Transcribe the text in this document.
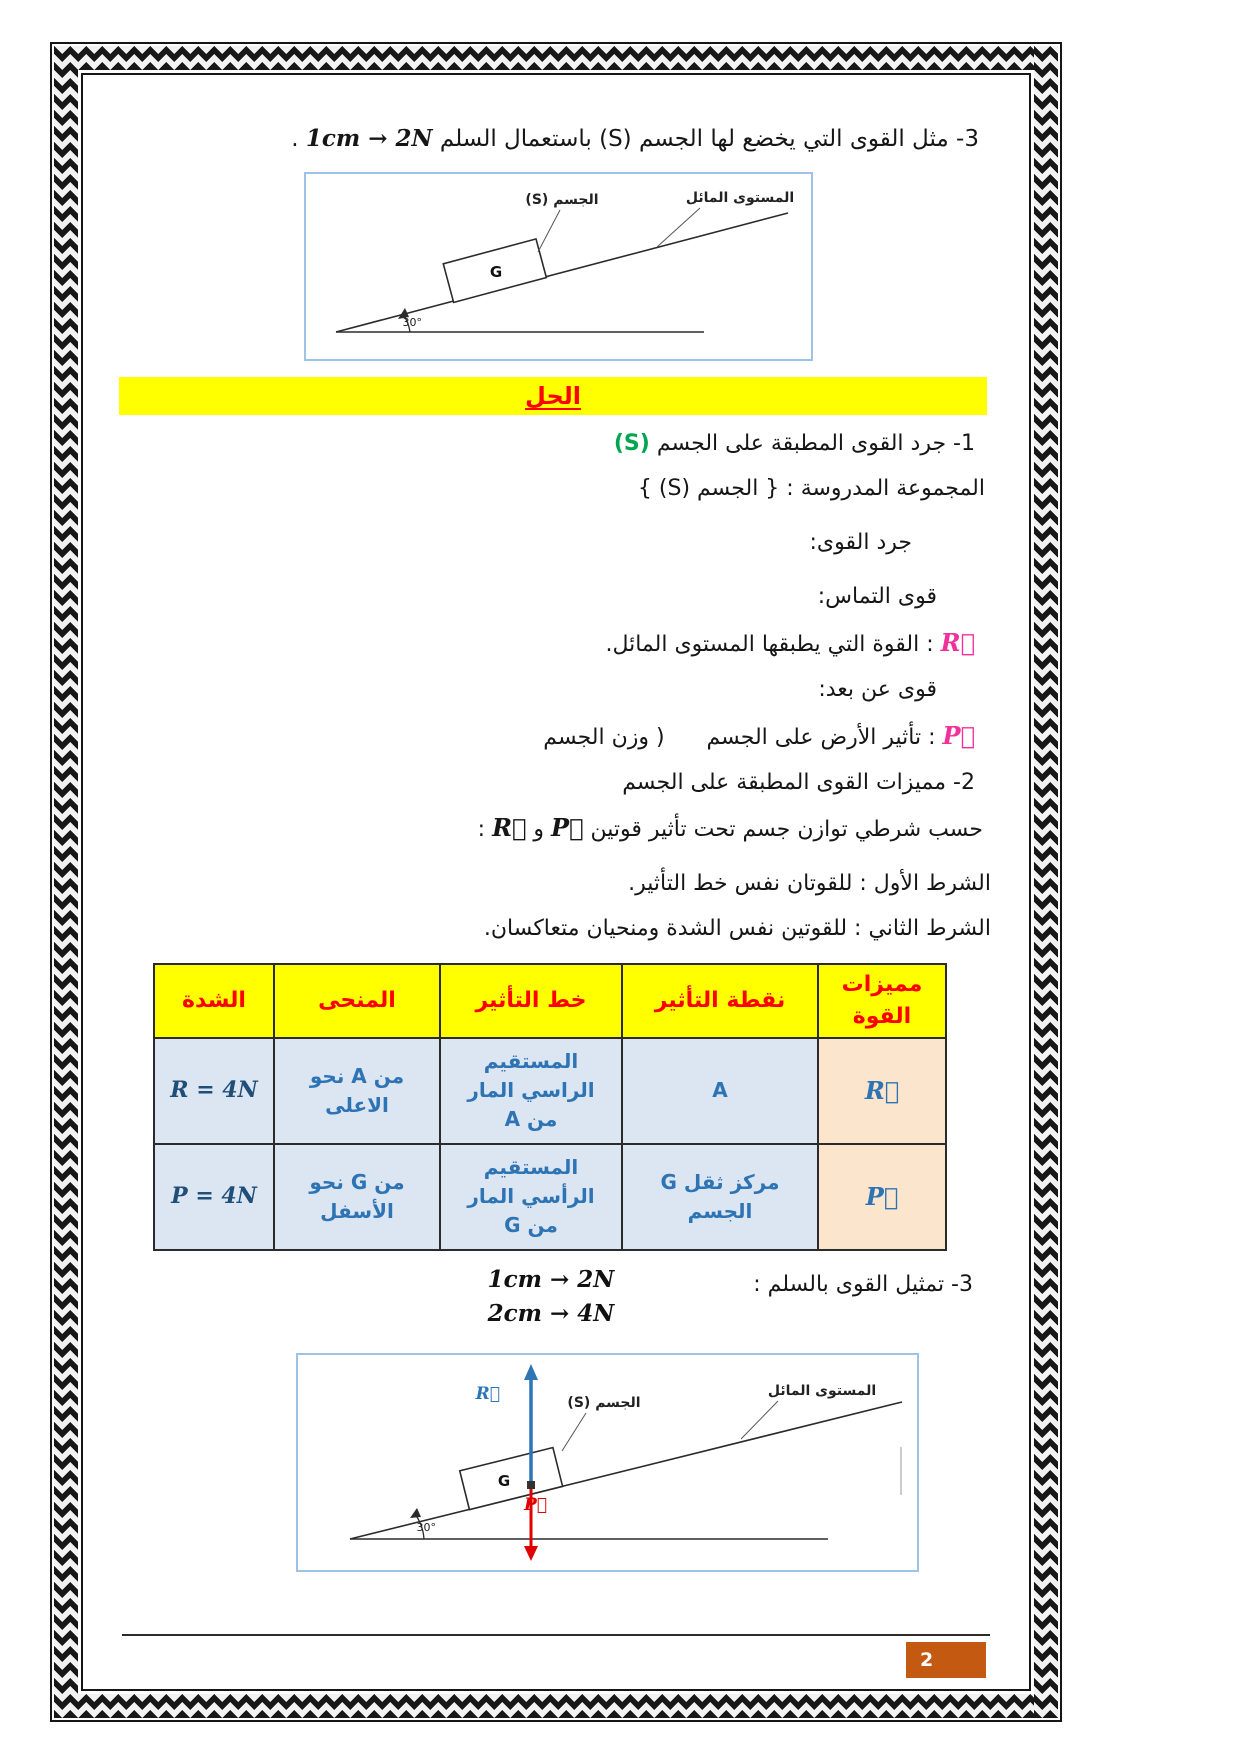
3- مثل القوى التي يخضع لها الجسم (S) باستعمال السلم 1cm → 2N .
G
30°
الجسم (S)	المستوى المائل
الحل
1- جرد القوى المطبقة على الجسم (S)
المجموعة المدروسة : { الجسم (S) }
جرد القوى:
قوى التماس:
R⃗ : القوة التي يطبقها المستوى المائل.
قوى عن بعد:
P⃗ : تأثير الأرض على الجسم      ( وزن الجسم
2- مميزات القوى المطبقة على الجسم
حسب شرطي توازن جسم تحت تأثير قوتين P⃗ و R⃗ :
الشرط الأول : للقوتان نفس خط التأثير.
الشرط الثاني : للقوتين نفس الشدة ومنحيان متعاكسان.
مميزات القوة	نقطة التأثير	خط التأثير	المنحى	الشدة
R⃗	A	المستقيم الراسي المار من A	من A نحو الاعلى	R = 4N
P⃗	مركز ثقل G الجسم	المستقيم الرأسي المار من G	من G نحو الأسفل	P = 4N
1cm → 2N
2cm → 4N
3- تمثيل القوى بالسلم :
G
R⃗
P⃗
30°
الجسم (S)
المستوى المائل
2
